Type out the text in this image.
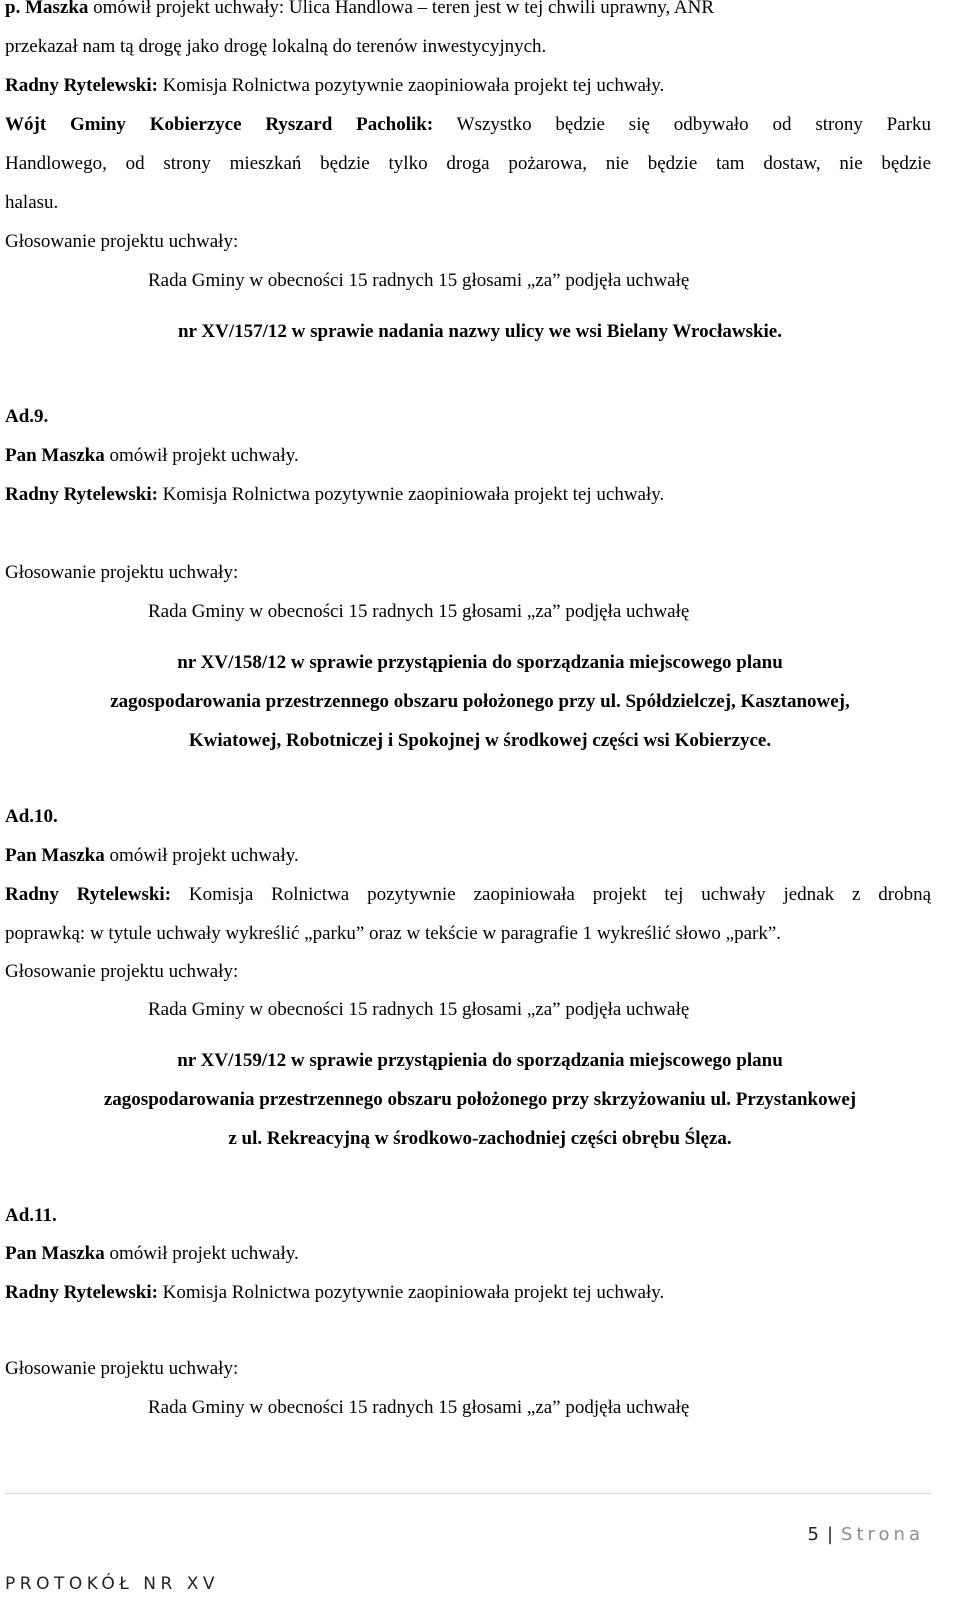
p. Maszka omówił projekt uchwały: Ulica Handlowa – teren jest w tej chwili uprawny, ANR
przekazał nam tą drogę jako drogę lokalną do terenów inwestycyjnych.
Radny Rytelewski: Komisja Rolnictwa pozytywnie zaopiniowała projekt tej uchwały.
Wójt Gminy Kobierzyce Ryszard Pacholik: Wszystko będzie się odbywało od strony Parku
Handlowego, od strony mieszkań będzie tylko droga pożarowa, nie będzie tam dostaw, nie będzie
halasu.
Głosowanie projektu uchwały:
Rada Gminy w obecności 15 radnych 15 głosami „za” podjęła uchwałę
nr XV/157/12 w sprawie nadania nazwy ulicy we wsi Bielany Wrocławskie.
Ad.9.
Pan Maszka omówił projekt uchwały.
Radny Rytelewski: Komisja Rolnictwa pozytywnie zaopiniowała projekt tej uchwały.
Głosowanie projektu uchwały:
Rada Gminy w obecności 15 radnych 15 głosami „za” podjęła uchwałę
nr XV/158/12 w sprawie przystąpienia do sporządzania miejscowego planu
zagospodarowania przestrzennego obszaru położonego przy ul. Spółdzielczej, Kasztanowej,
Kwiatowej, Robotniczej i Spokojnej w środkowej części wsi Kobierzyce.
Ad.10.
Pan Maszka omówił projekt uchwały.
Radny Rytelewski: Komisja Rolnictwa pozytywnie zaopiniowała projekt tej uchwały jednak z drobną
poprawką: w tytule uchwały wykreślić „parku” oraz w tekście w paragrafie 1 wykreślić słowo „park”.
Głosowanie projektu uchwały:
Rada Gminy w obecności 15 radnych 15 głosami „za” podjęła uchwałę
nr XV/159/12 w sprawie przystąpienia do sporządzania miejscowego planu
zagospodarowania przestrzennego obszaru położonego przy skrzyżowaniu ul. Przystankowej
z ul. Rekreacyjną w środkowo-zachodniej części obrębu Ślęza.
Ad.11.
Pan Maszka omówił projekt uchwały.
Radny Rytelewski: Komisja Rolnictwa pozytywnie zaopiniowała projekt tej uchwały.
Głosowanie projektu uchwały:
Rada Gminy w obecności 15 radnych 15 głosami „za” podjęła uchwałę
5 | Strona
PROTOKÓŁ NR XV
